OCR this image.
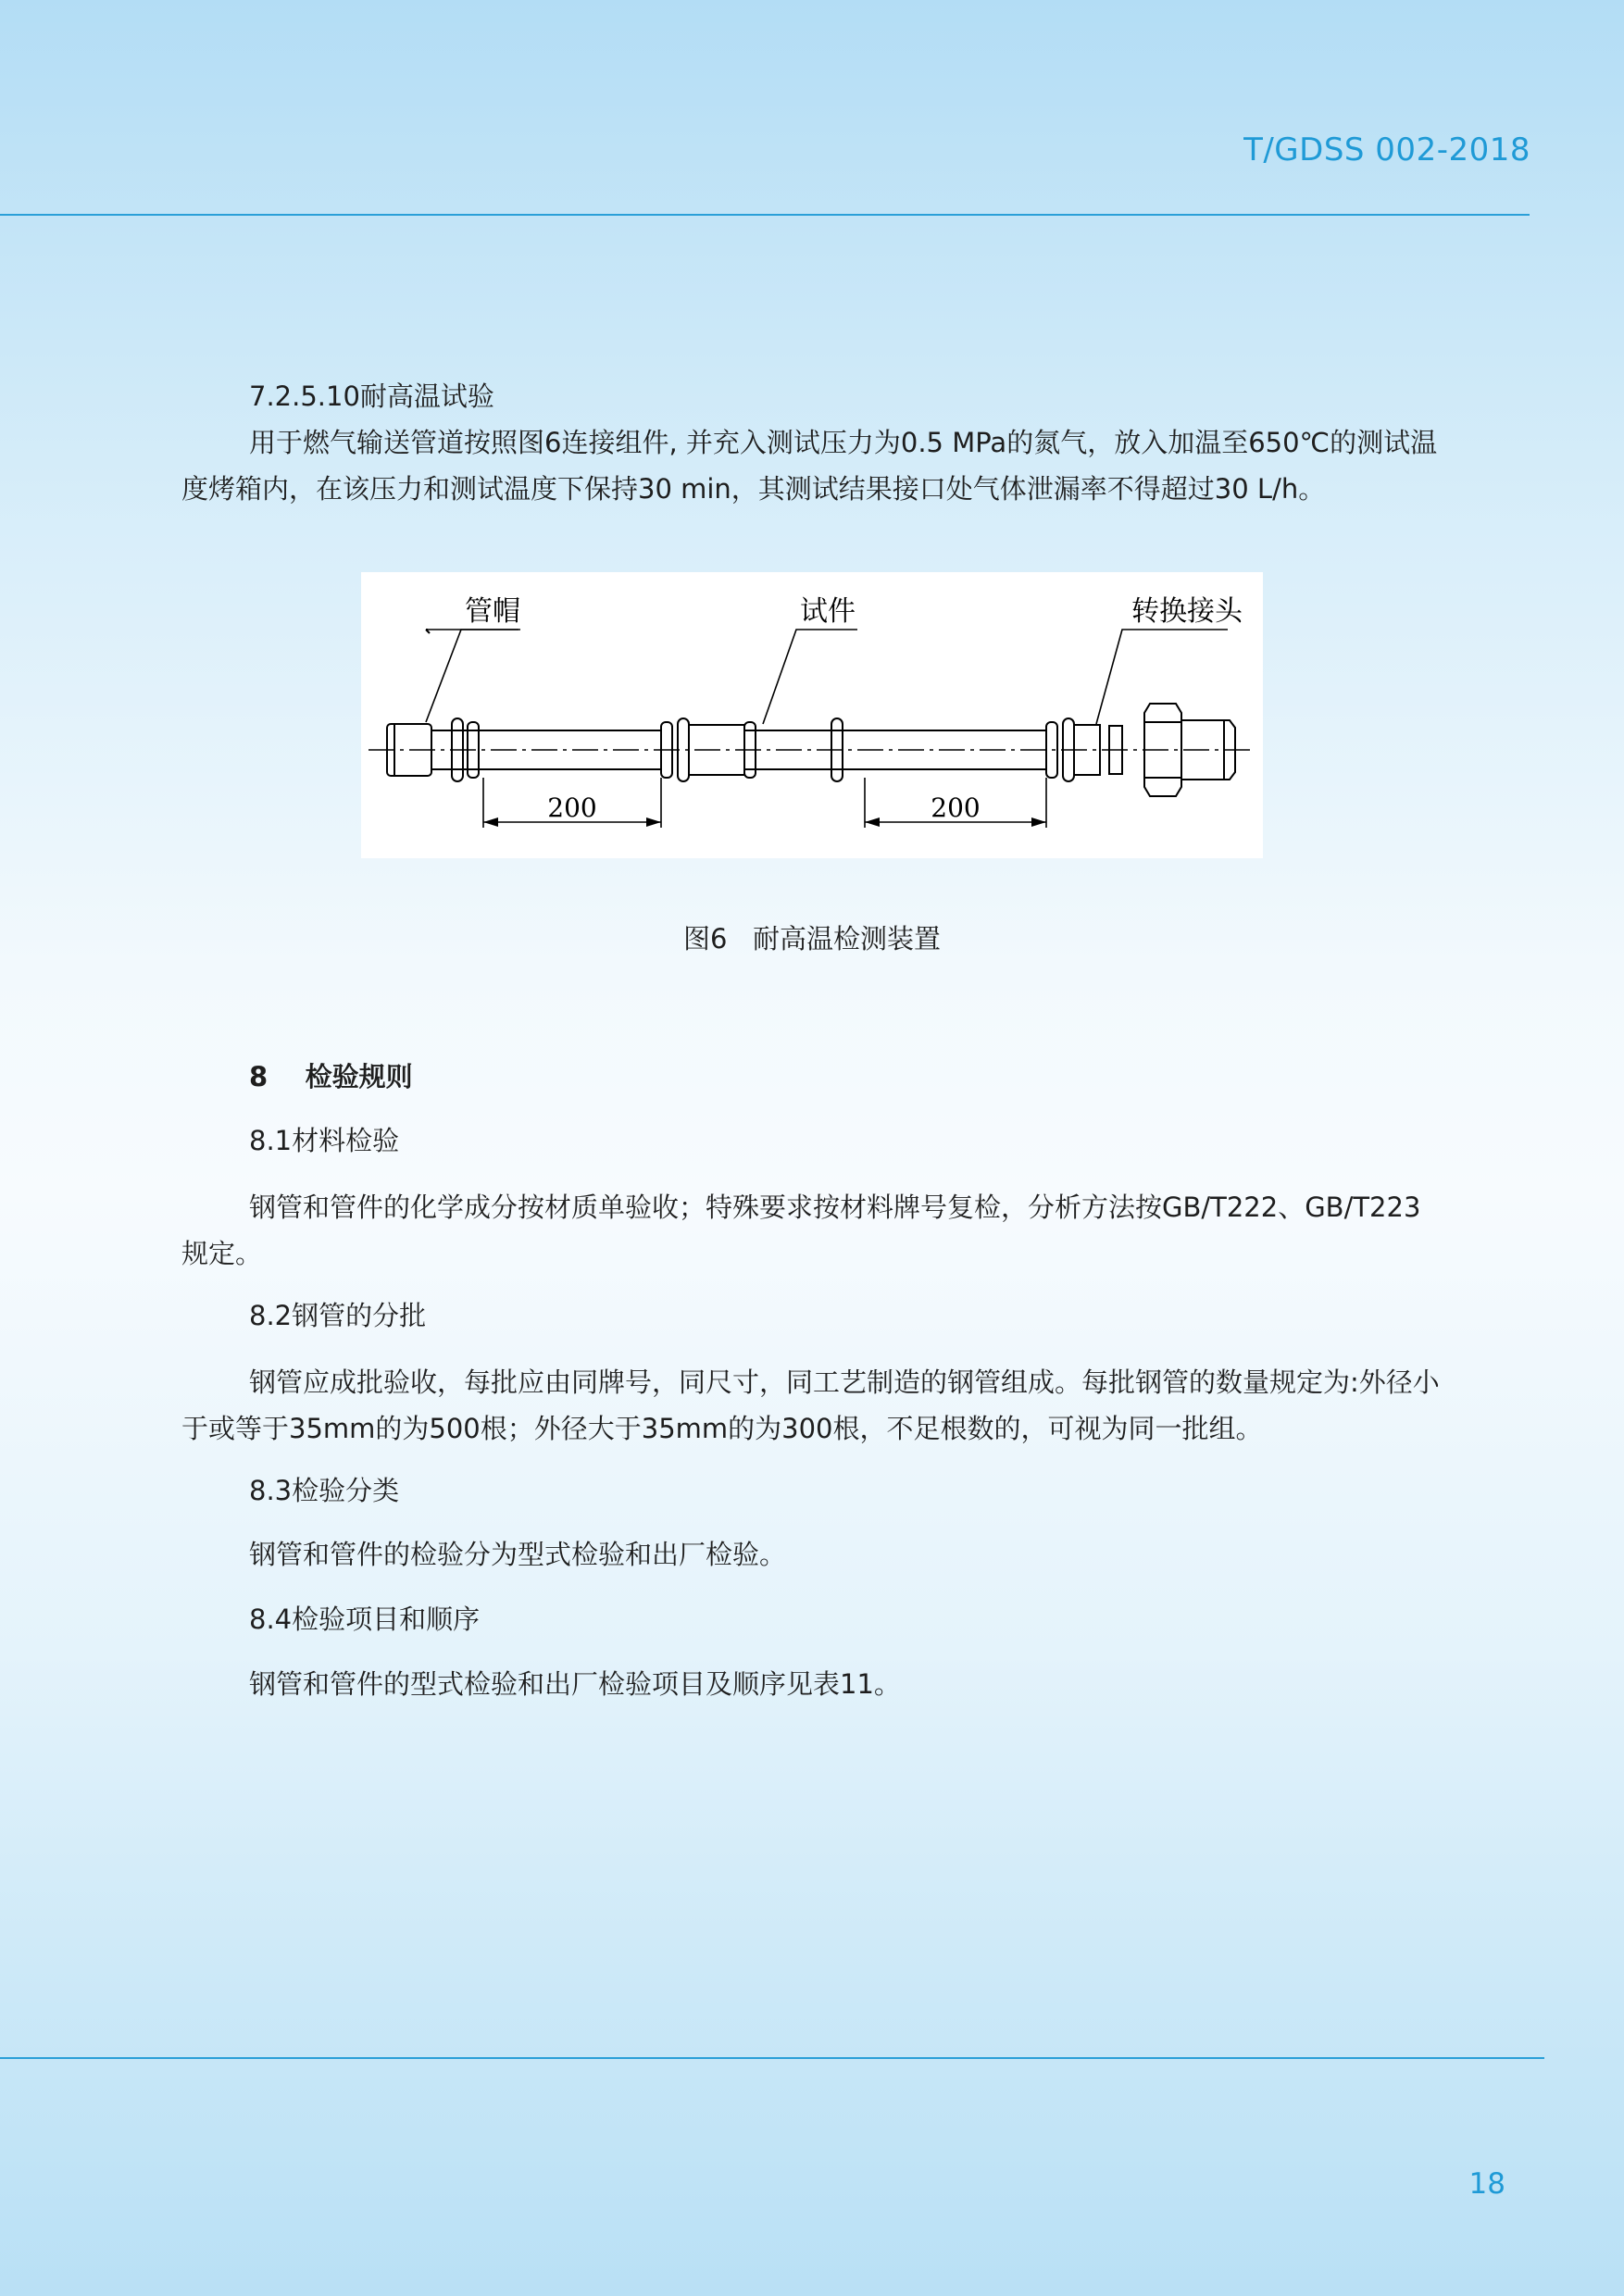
T/GDSS 002-2018

7.2.5.10耐高温试验

用于燃气输送管道按照图6连接组件, 并充入测试压力为0.5 MPa的氮气，放入加温至650℃的测试温度烤箱内，在该压力和测试温度下保持30 min，其测试结果接口处气体泄漏率不得超过30 L/h。

管帽	试件	转换接头
200	200
图6   耐高温检测装置

8    检验规则

8.1材料检验

钢管和管件的化学成分按材质单验收；特殊要求按材料牌号复检，分析方法按GB/T222、GB/T223规定。

8.2钢管的分批

钢管应成批验收，每批应由同牌号，同尺寸，同工艺制造的钢管组成。每批钢管的数量规定为:外径小于或等于35mm的为500根；外径大于35mm的为300根，不足根数的，可视为同一批组。

8.3检验分类

钢管和管件的检验分为型式检验和出厂检验。

8.4检验项目和顺序

钢管和管件的型式检验和出厂检验项目及顺序见表11。

18
